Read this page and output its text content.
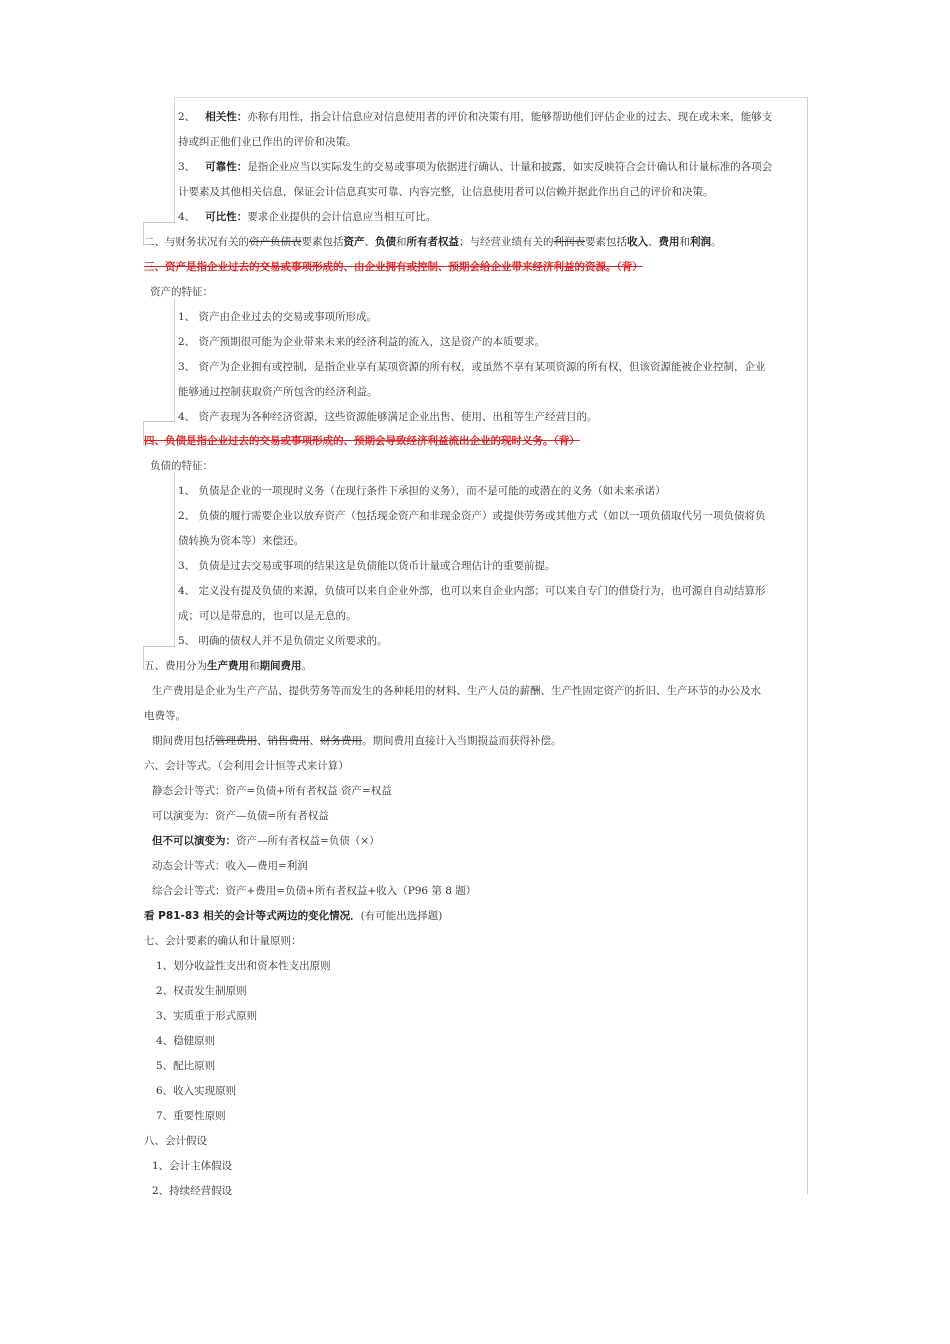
2、 相关性：亦称有用性，指会计信息应对信息使用者的评价和决策有用，能够帮助他们评估企业的过去、现在或未来，能够支
持或纠正他们业已作出的评价和决策。
3、 可靠性：是指企业应当以实际发生的交易或事项为依据进行确认、计量和披露，如实反映符合会计确认和计量标准的各项会
计要素及其他相关信息，保证会计信息真实可靠、内容完整，让信息使用者可以信赖并据此作出自己的评价和决策。
4、 可比性：要求企业提供的会计信息应当相互可比。
二、与财务状况有关的资产负债表要素包括资产、负债和所有者权益；与经营业绩有关的利润表要素包括收入、费用和利润。
三、资产是指企业过去的交易或事项形成的、由企业拥有或控制、预期会给企业带来经济利益的资源。（背）
资产的特征：
1、 资产由企业过去的交易或事项所形成。
2、 资产预期很可能为企业带来未来的经济利益的流入，这是资产的本质要求。
3、 资产为企业拥有或控制，是指企业享有某项资源的所有权，或虽然不享有某项资源的所有权，但该资源能被企业控制，企业
能够通过控制获取资产所包含的经济利益。
4、 资产表现为各种经济资源，这些资源能够满足企业出售、使用、出租等生产经营目的。
四、负债是指企业过去的交易或事项形成的、预期会导致经济利益流出企业的现时义务。（背）
负债的特征：
1、 负债是企业的一项现时义务（在现行条件下承担的义务），而不是可能的或潜在的义务（如未来承诺）
2、 负债的履行需要企业以放弃资产（包括现金资产和非现金资产）或提供劳务或其他方式（如以一项负债取代另一项负债将负
债转换为资本等）来偿还。
3、 负债是过去交易或事项的结果这是负债能以货币计量或合理估计的重要前提。
4、 定义没有提及负债的来源，负债可以来自企业外部，也可以来自企业内部；可以来自专门的借贷行为，也可源自自动结算形
成；可以是带息的，也可以是无息的。
5、 明确的债权人并不是负债定义所要求的。
五、费用分为生产费用和期间费用。
生产费用是企业为生产产品、提供劳务等而发生的各种耗用的材料、生产人员的薪酬、生产性固定资产的折旧、生产环节的办公及水
电费等。
期间费用包括管理费用、销售费用、财务费用。期间费用直接计入当期损益而获得补偿。
六、会计等式。（会利用会计恒等式来计算）
静态会计等式：资产=负债+所有者权益 资产=权益
可以演变为：资产—负债=所有者权益
但不可以演变为：资产—所有者权益=负债（×）
动态会计等式：收入—费用=利润
综合会计等式：资产+费用=负债+所有者权益+收入（P96 第 8 题）
看 P81-83 相关的会计等式两边的变化情况．(有可能出选择题)
七、会计要素的确认和计量原则：
1、划分收益性支出和资本性支出原则
2、权责发生制原则
3、实质重于形式原则
4、稳健原则
5、配比原则
6、收入实现原则
7、重要性原则
八、会计假设
1、会计主体假设
2、持续经营假设
